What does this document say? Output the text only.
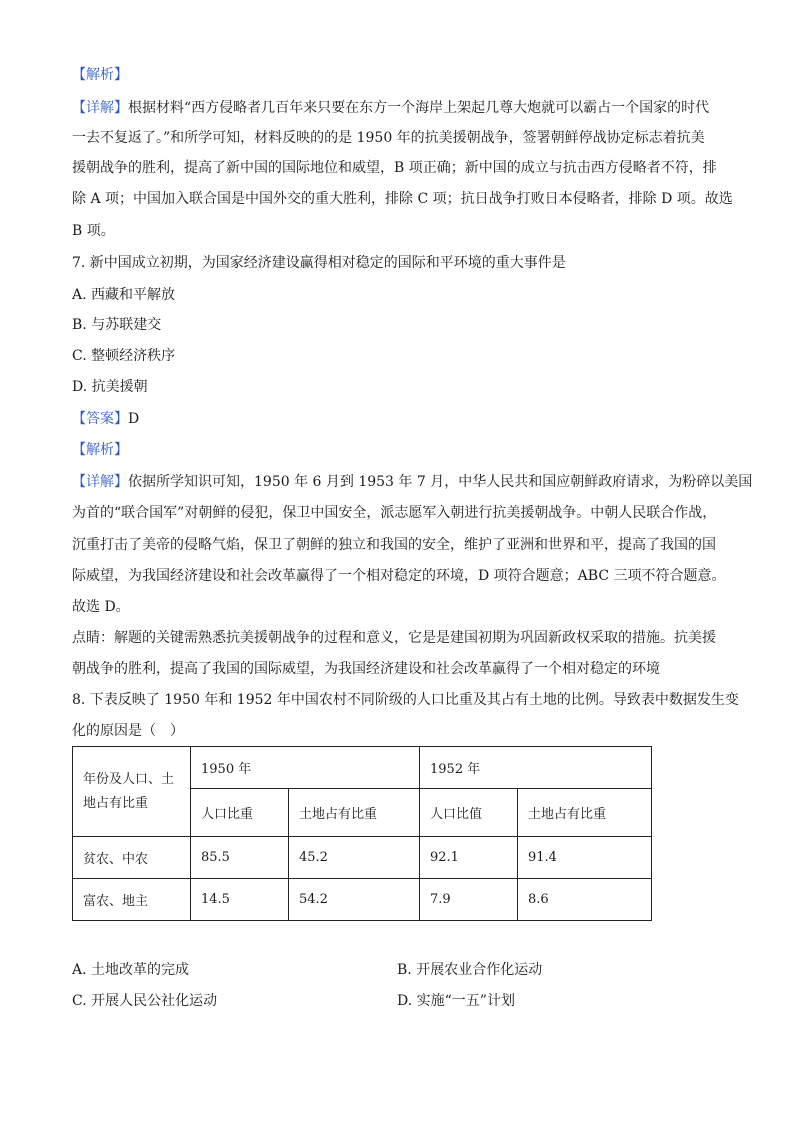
【解析】
【详解】根据材料“西方侵略者几百年来只要在东方一个海岸上架起几尊大炮就可以霸占一个国家的时代
一去不复返了。”和所学可知，材料反映的的是 1950 年的抗美援朝战争，签署朝鲜停战协定标志着抗美
援朝战争的胜利，提高了新中国的国际地位和威望，B 项正确；新中国的成立与抗击西方侵略者不符，排
除 A 项；中国加入联合国是中国外交的重大胜利，排除 C 项；抗日战争打败日本侵略者，排除 D 项。故选
B 项。
7. 新中国成立初期，为国家经济建设赢得相对稳定的国际和平环境的重大事件是
A. 西藏和平解放
B. 与苏联建交
C. 整顿经济秩序
D. 抗美援朝
【答案】D
【解析】
【详解】依据所学知识可知，1950 年 6 月到 1953 年 7 月，中华人民共和国应朝鲜政府请求，为粉碎以美国
为首的“联合国军”对朝鲜的侵犯，保卫中国安全，派志愿军入朝进行抗美援朝战争。中朝人民联合作战，
沉重打击了美帝的侵略气焰，保卫了朝鲜的独立和我国的安全，维护了亚洲和世界和平，提高了我国的国
际威望，为我国经济建设和社会改革赢得了一个相对稳定的环境，D 项符合题意；ABC 三项不符合题意。
故选 D。
点睛：解题的关键需熟悉抗美援朝战争的过程和意义，它是是建国初期为巩固新政权采取的措施。抗美援
朝战争的胜利，提高了我国的国际威望，为我国经济建设和社会改革赢得了一个相对稳定的环境
8. 下表反映了 1950 年和 1952 年中国农村不同阶级的人口比重及其占有土地的比例。导致表中数据发生变
化的原因是（　）
年份及人口、土
地占有比重	1950 年		1952 年	
	人口比重	土地占有比重	人口比值	土地占有比重
贫农、中农	85.5	45.2	92.1	91.4
富农、地主	14.5	54.2	7.9	8.6
A. 土地改革的完成	B. 开展农业合作化运动
C. 开展人民公社化运动	D. 实施“一五”计划
